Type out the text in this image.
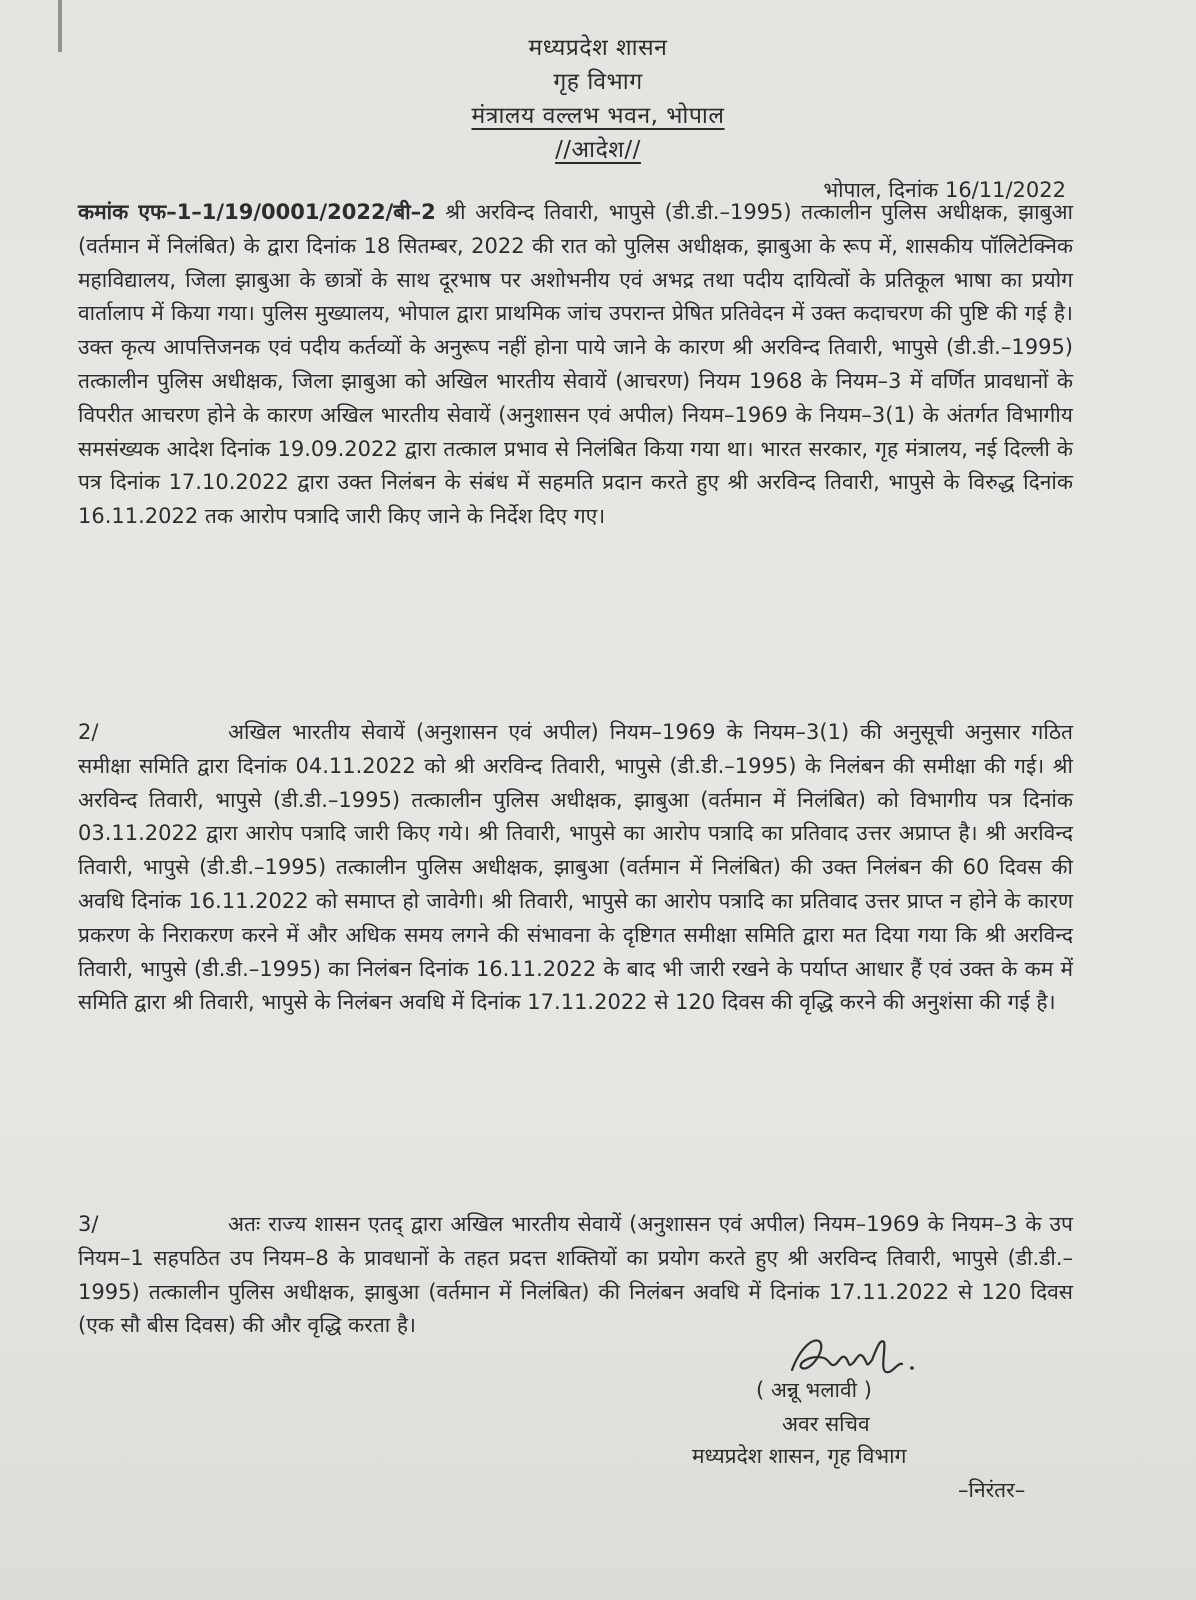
मध्यप्रदेश शासन
गृह विभाग
मंत्रालय वल्लभ भवन, भोपाल
//आदेश//
भोपाल, दिनांक 16/11/2022
कमांक एफ–1–1/19/0001/2022/बी–2 श्री अरविन्द तिवारी, भापुसे (डी.डी.–1995) तत्कालीन पुलिस अधीक्षक, झाबुआ (वर्तमान में निलंबित) के द्वारा दिनांक 18 सितम्बर, 2022 की रात को पुलिस अधीक्षक, झाबुआ के रूप में, शासकीय पॉलिटेक्निक महाविद्यालय, जिला झाबुआ के छात्रों के साथ दूरभाष पर अशोभनीय एवं अभद्र तथा पदीय दायित्वों के प्रतिकूल भाषा का प्रयोग वार्तालाप में किया गया। पुलिस मुख्यालय, भोपाल द्वारा प्राथमिक जांच उपरान्त प्रेषित प्रतिवेदन में उक्त कदाचरण की पुष्टि की गई है। उक्त कृत्य आपत्तिजनक एवं पदीय कर्तव्यों के अनुरूप नहीं होना पाये जाने के कारण श्री अरविन्द तिवारी, भापुसे (डी.डी.–1995) तत्कालीन पुलिस अधीक्षक, जिला झाबुआ को अखिल भारतीय सेवायें (आचरण) नियम 1968 के नियम–3 में वर्णित प्रावधानों के विपरीत आचरण होने के कारण अखिल भारतीय सेवायें (अनुशासन एवं अपील) नियम–1969 के नियम–3(1) के अंतर्गत विभागीय समसंख्यक आदेश दिनांक 19.09.2022 द्वारा तत्काल प्रभाव से निलंबित किया गया था। भारत सरकार, गृह मंत्रालय, नई दिल्ली के पत्र दिनांक 17.10.2022 द्वारा उक्त निलंबन के संबंध में सहमति प्रदान करते हुए श्री अरविन्द तिवारी, भापुसे के विरुद्ध दिनांक 16.11.2022 तक आरोप पत्रादि जारी किए जाने के निर्देश दिए गए।
2/	अखिल भारतीय सेवायें (अनुशासन एवं अपील) नियम–1969 के नियम–3(1) की अनुसूची अनुसार गठित समीक्षा समिति द्वारा दिनांक 04.11.2022 को श्री अरविन्द तिवारी, भापुसे (डी.डी.–1995) के निलंबन की समीक्षा की गई। श्री अरविन्द तिवारी, भापुसे (डी.डी.–1995) तत्कालीन पुलिस अधीक्षक, झाबुआ (वर्तमान में निलंबित) को विभागीय पत्र दिनांक 03.11.2022 द्वारा आरोप पत्रादि जारी किए गये। श्री तिवारी, भापुसे का आरोप पत्रादि का प्रतिवाद उत्तर अप्राप्त है। श्री अरविन्द तिवारी, भापुसे (डी.डी.–1995) तत्कालीन पुलिस अधीक्षक, झाबुआ (वर्तमान में निलंबित) की उक्त निलंबन की 60 दिवस की अवधि दिनांक 16.11.2022 को समाप्त हो जावेगी। श्री तिवारी, भापुसे का आरोप पत्रादि का प्रतिवाद उत्तर प्राप्त न होने के कारण प्रकरण के निराकरण करने में और अधिक समय लगने की संभावना के दृष्टिगत समीक्षा समिति द्वारा मत दिया गया कि श्री अरविन्द तिवारी, भापुसे (डी.डी.–1995) का निलंबन दिनांक 16.11.2022 के बाद भी जारी रखने के पर्याप्त आधार हैं एवं उक्त के कम में समिति द्वारा श्री तिवारी, भापुसे के निलंबन अवधि में दिनांक 17.11.2022 से 120 दिवस की वृद्धि करने की अनुशंसा की गई है।
3/	अतः राज्य शासन एतद् द्वारा अखिल भारतीय सेवायें (अनुशासन एवं अपील) नियम–1969 के नियम–3 के उप नियम–1 सहपठित उप नियम–8 के प्रावधानों के तहत प्रदत्त शक्तियों का प्रयोग करते हुए श्री अरविन्द तिवारी, भापुसे (डी.डी.–1995) तत्कालीन पुलिस अधीक्षक, झाबुआ (वर्तमान में निलंबित) की निलंबन अवधि में दिनांक 17.11.2022 से 120 दिवस (एक सौ बीस दिवस) की और वृद्धि करता है।
( अन्नू भलावी )
अवर सचिव
मध्यप्रदेश शासन, गृह विभाग
–निरंतर–
